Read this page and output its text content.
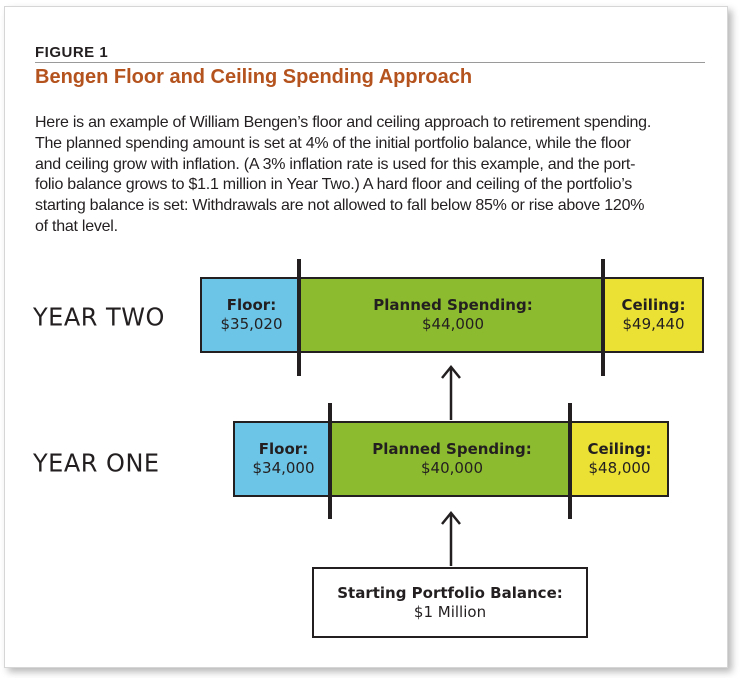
FIGURE 1
Bengen Floor and Ceiling Spending Approach

Here is an example of William Bengen’s floor and ceiling approach to retirement spending.
The planned spending amount is set at 4% of the initial portfolio balance, while the floor
and ceiling grow with inflation. (A 3% inflation rate is used for this example, and the port-
folio balance grows to $1.1 million in Year Two.) A hard floor and ceiling of the portfolio’s
starting balance is set: Withdrawals are not allowed to fall below 85% or rise above 120%
of that level.

YEAR TWO	Floor:
$35,020
Planned Spending:
$44,000
Ceiling:
$49,440
YEAR ONE	Floor:
$34,000
Planned Spending:
$40,000
Ceiling:
$48,000
Starting Portfolio Balance:
$1 Million
